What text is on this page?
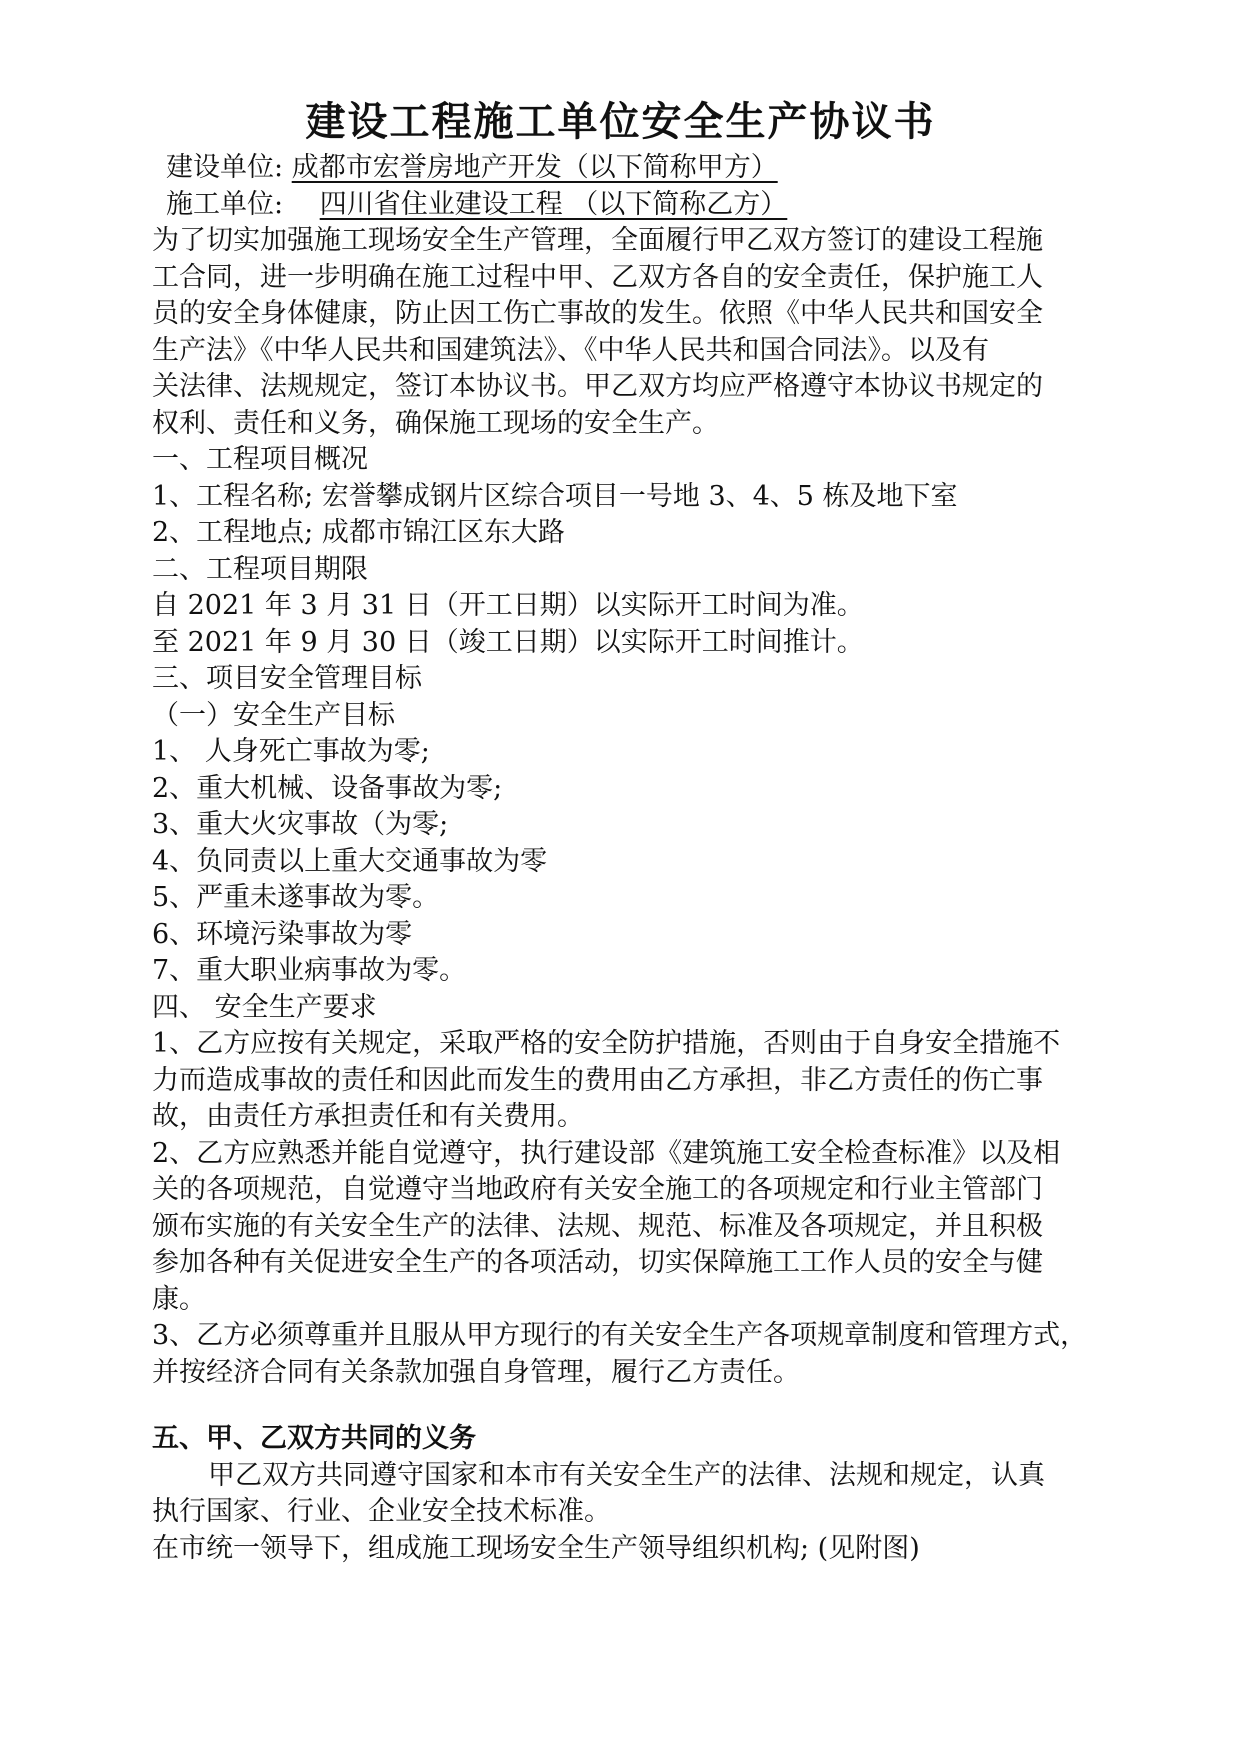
建设工程施工单位安全生产协议书
建设单位: 成都市宏誉房地产开发（以下简称甲方）
施工单位: 四川省住业建设工程 （以下简称乙方）
为了切实加强施工现场安全生产管理，全面履行甲乙双方签订的建设工程施
工合同，进一步明确在施工过程中甲、乙双方各自的安全责任，保护施工人
员的安全身体健康，防止因工伤亡事故的发生。依照《中华人民共和国安全
生产法》《中华人民共和国建筑法》、《中华人民共和国合同法》。以及有
关法律、法规规定，签订本协议书。甲乙双方均应严格遵守本协议书规定的
权利、责任和义务，确保施工现场的安全生产。
一、工程项目概况
1、工程名称; 宏誉攀成钢片区综合项目一号地 3、4、5 栋及地下室
2、工程地点; 成都市锦江区东大路
二、工程项目期限
自 2021 年 3 月 31 日（开工日期）以实际开工时间为准。
至 2021 年 9 月 30 日（竣工日期）以实际开工时间推计。
三、项目安全管理目标
（一）安全生产目标
1、 人身死亡事故为零;
2、重大机械、设备事故为零;
3、重大火灾事故（为零;
4、负同责以上重大交通事故为零
5、严重未遂事故为零。
6、环境污染事故为零
7、重大职业病事故为零。
四、 安全生产要求
1、乙方应按有关规定，采取严格的安全防护措施，否则由于自身安全措施不
力而造成事故的责任和因此而发生的费用由乙方承担，非乙方责任的伤亡事
故，由责任方承担责任和有关费用。
2、乙方应熟悉并能自觉遵守，执行建设部《建筑施工安全检查标准》以及相
关的各项规范，自觉遵守当地政府有关安全施工的各项规定和行业主管部门
颁布实施的有关安全生产的法律、法规、规范、标准及各项规定，并且积极
参加各种有关促进安全生产的各项活动，切实保障施工工作人员的安全与健
康。
3、乙方必须尊重并且服从甲方现行的有关安全生产各项规章制度和管理方式，
并按经济合同有关条款加强自身管理，履行乙方责任。
五、甲、乙双方共同的义务
甲乙双方共同遵守国家和本市有关安全生产的法律、法规和规定，认真
执行国家、行业、企业安全技术标准。
在市统一领导下，组成施工现场安全生产领导组织机构; (见附图)
